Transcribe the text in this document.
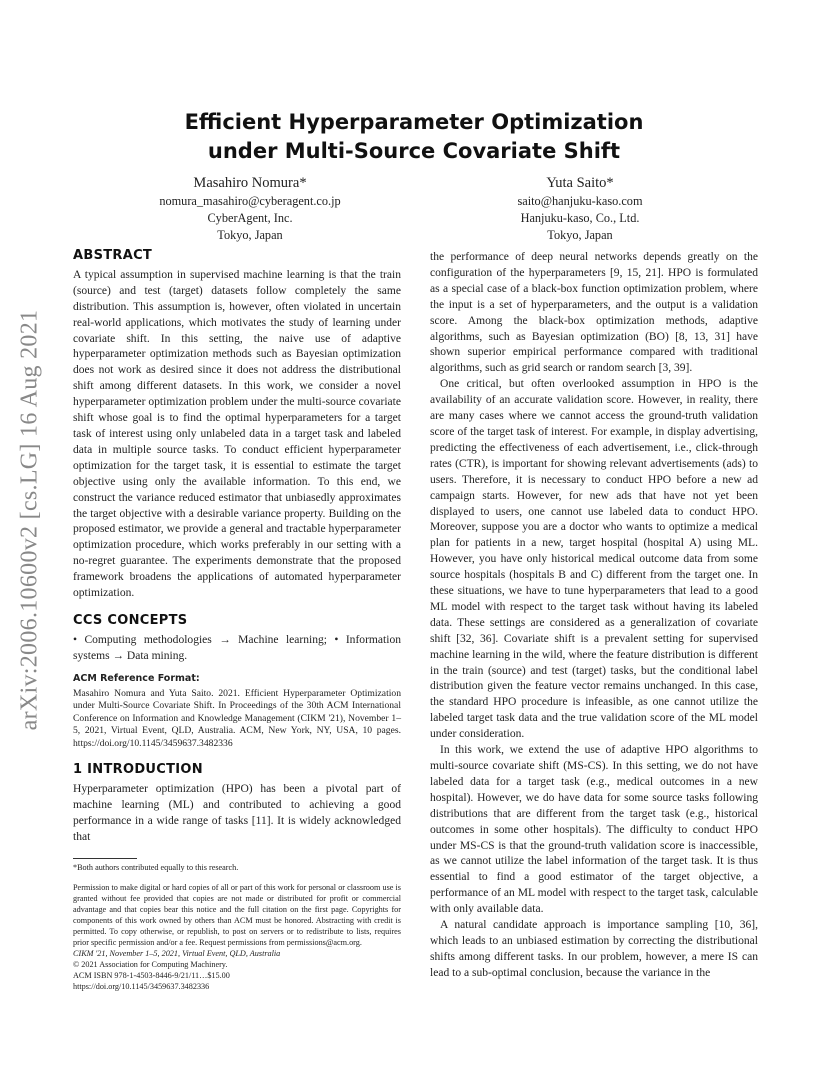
arXiv:2006.10600v2 [cs.LG] 16 Aug 2021
Efficient Hyperparameter Optimization
under Multi-Source Covariate Shift
Masahiro Nomura*
nomura_masahiro@cyberagent.co.jp
CyberAgent, Inc.
Tokyo, Japan
Yuta Saito*
saito@hanjuku-kaso.com
Hanjuku-kaso, Co., Ltd.
Tokyo, Japan
ABSTRACT

A typical assumption in supervised machine learning is that the train (source) and test (target) datasets follow completely the same distribution. This assumption is, however, often violated in uncertain real-world applications, which motivates the study of learning under covariate shift. In this setting, the naive use of adaptive hyperparameter optimization methods such as Bayesian optimization does not work as desired since it does not address the distributional shift among different datasets. In this work, we consider a novel hyperparameter optimization problem under the multi-source covariate shift whose goal is to find the optimal hyperparameters for a target task of interest using only unlabeled data in a target task and labeled data in multiple source tasks. To conduct efficient hyperparameter optimization for the target task, it is essential to estimate the target objective using only the available information. To this end, we construct the variance reduced estimator that unbiasedly approximates the target objective with a desirable variance property. Building on the proposed estimator, we provide a general and tractable hyperparameter optimization procedure, which works preferably in our setting with a no-regret guarantee. The experiments demonstrate that the proposed framework broadens the applications of automated hyperparameter optimization.

CCS CONCEPTS

• Computing methodologies → Machine learning; • Information systems → Data mining.

ACM Reference Format:
Masahiro Nomura and Yuta Saito. 2021. Efficient Hyperparameter Optimization under Multi-Source Covariate Shift. In Proceedings of the 30th ACM International Conference on Information and Knowledge Management (CIKM '21), November 1–5, 2021, Virtual Event, QLD, Australia. ACM, New York, NY, USA, 10 pages. https://doi.org/10.1145/3459637.3482336
1 INTRODUCTION

Hyperparameter optimization (HPO) has been a pivotal part of machine learning (ML) and contributed to achieving a good performance in a wide range of tasks [11]. It is widely acknowledged that

*Both authors contributed equally to this research.

Permission to make digital or hard copies of all or part of this work for personal or classroom use is granted without fee provided that copies are not made or distributed for profit or commercial advantage and that copies bear this notice and the full citation on the first page. Copyrights for components of this work owned by others than ACM must be honored. Abstracting with credit is permitted. To copy otherwise, or republish, to post on servers or to redistribute to lists, requires prior specific permission and/or a fee. Request permissions from permissions@acm.org.

CIKM '21, November 1–5, 2021, Virtual Event, QLD, Australia
© 2021 Association for Computing Machinery.
ACM ISBN 978-1-4503-8446-9/21/11…$15.00
https://doi.org/10.1145/3459637.3482336

the performance of deep neural networks depends greatly on the configuration of the hyperparameters [9, 15, 21]. HPO is formulated as a special case of a black-box function optimization problem, where the input is a set of hyperparameters, and the output is a validation score. Among the black-box optimization methods, adaptive algorithms, such as Bayesian optimization (BO) [8, 13, 31] have shown superior empirical performance compared with traditional algorithms, such as grid search or random search [3, 39].

One critical, but often overlooked assumption in HPO is the availability of an accurate validation score. However, in reality, there are many cases where we cannot access the ground-truth validation score of the target task of interest. For example, in display advertising, predicting the effectiveness of each advertisement, i.e., click-through rates (CTR), is important for showing relevant advertisements (ads) to users. Therefore, it is necessary to conduct HPO before a new ad campaign starts. However, for new ads that have not yet been displayed to users, one cannot use labeled data to conduct HPO. Moreover, suppose you are a doctor who wants to optimize a medical plan for patients in a new, target hospital (hospital A) using ML. However, you have only historical medical outcome data from some source hospitals (hospitals B and C) different from the target one. In these situations, we have to tune hyperparameters that lead to a good ML model with respect to the target task without having its labeled data. These settings are considered as a generalization of covariate shift [32, 36]. Covariate shift is a prevalent setting for supervised machine learning in the wild, where the feature distribution is different in the train (source) and test (target) tasks, but the conditional label distribution given the feature vector remains unchanged. In this case, the standard HPO procedure is infeasible, as one cannot utilize the labeled target task data and the true validation score of the ML model under consideration.

In this work, we extend the use of adaptive HPO algorithms to multi-source covariate shift (MS-CS). In this setting, we do not have labeled data for a target task (e.g., medical outcomes in a new hospital). However, we do have data for some source tasks following distributions that are different from the target task (e.g., historical outcomes in some other hospitals). The difficulty to conduct HPO under MS-CS is that the ground-truth validation score is inaccessible, as we cannot utilize the label information of the target task. It is thus essential to find a good estimator of the target objective, a performance of an ML model with respect to the target task, calculable with only available data.

A natural candidate approach is importance sampling [10, 36], which leads to an unbiased estimation by correcting the distributional shifts among different tasks. In our problem, however, a mere IS can lead to a sub-optimal conclusion, because the variance in the
